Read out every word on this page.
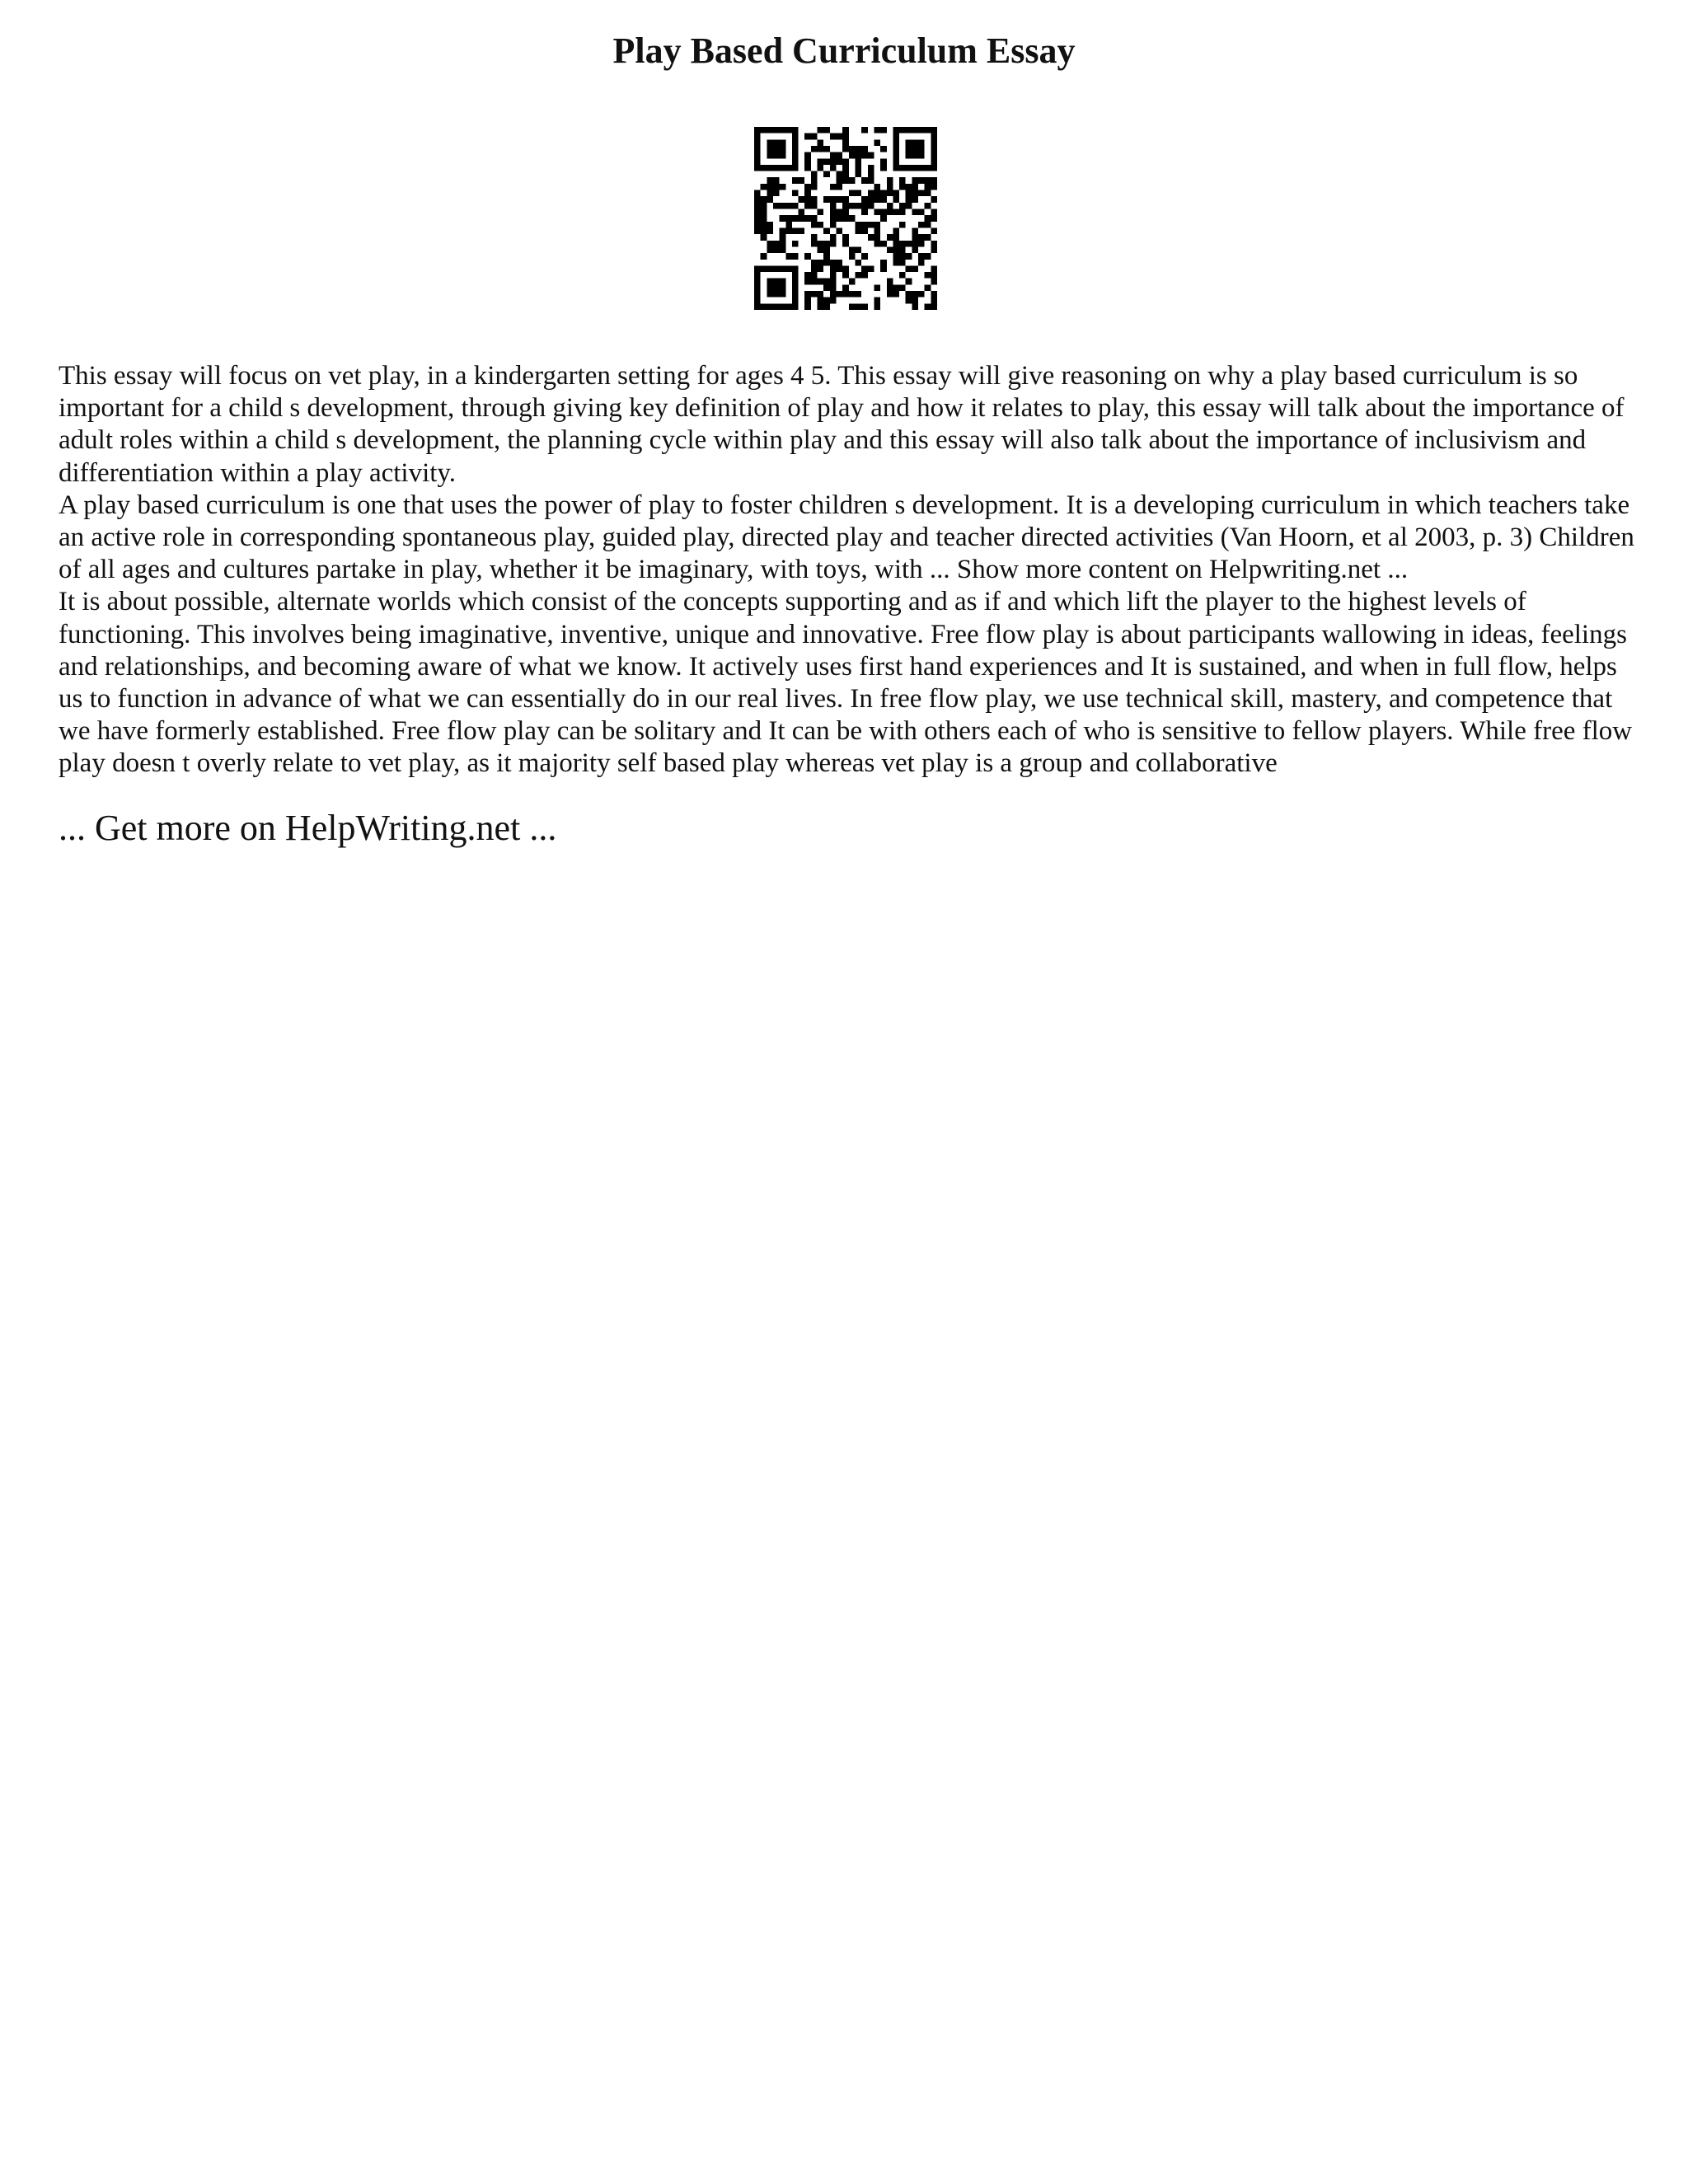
Play Based Curriculum Essay

This essay will focus on vet play, in a kindergarten setting for ages 4 5. This essay will give reasoning on why a play based curriculum is so important for a child s development, through giving key definition of play and how it relates to play, this essay will talk about the importance of adult roles within a child s development, the planning cycle within play and this essay will also talk about the importance of inclusivism and differentiation within a play activity.

A play based curriculum is one that uses the power of play to foster children s development. It is a developing curriculum in which teachers take an active role in corresponding spontaneous play, guided play, directed play and teacher directed activities (Van Hoorn, et al 2003, p. 3) Children of all ages and cultures partake in play, whether it be imaginary, with toys, with ... Show more content on Helpwriting.net ...

It is about possible, alternate worlds which consist of the concepts supporting and as if and which lift the player to the highest levels of functioning. This involves being imaginative, inventive, unique and innovative. Free flow play is about participants wallowing in ideas, feelings and relationships, and becoming aware of what we know. It actively uses first hand experiences and It is sustained, and when in full flow, helps us to function in advance of what we can essentially do in our real lives. In free flow play, we use technical skill, mastery, and competence that we have formerly established. Free flow play can be solitary and It can be with others each of who is sensitive to fellow players. While free flow play doesn t overly relate to vet play, as it majority self based play whereas vet play is a group and collaborative

... Get more on HelpWriting.net ...
